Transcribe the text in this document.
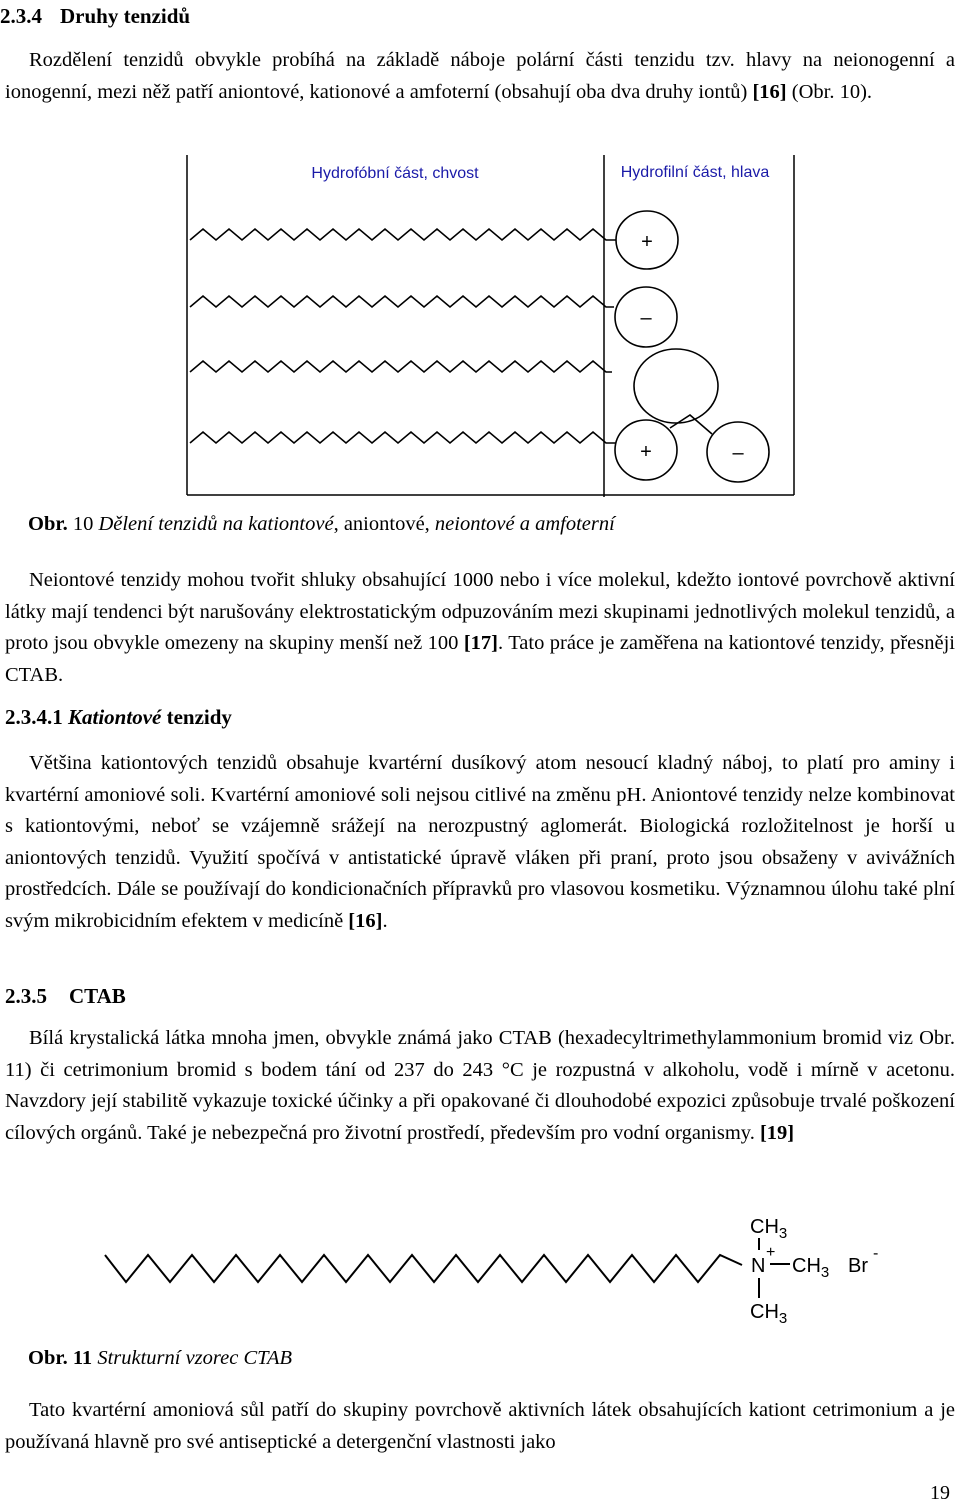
2.3.4 Druhy tenzidů
Rozdělení tenzidů obvykle probíhá na základě náboje polární části tenzidu tzv. hlavy na neionogenní a ionogenní, mezi něž patří aniontové, kationové a amfoterní (obsahují oba dva druhy iontů) [16] (Obr. 10).
Hydrofóbní část, chvost	Hydrofilní část, hlava
+
–
+	–
Obr. 10 Dělení tenzidů na kationtové, aniontové, neiontové a amfoterní
Neiontové tenzidy mohou tvořit shluky obsahující 1000 nebo i více molekul, kdežto iontové povrchově aktivní látky mají tendenci být narušovány elektrostatickým odpuzováním mezi skupinami jednotlivých molekul tenzidů, a proto jsou obvykle omezeny na skupiny menší než 100 [17]. Tato práce je zaměřena na kationtové tenzidy, přesněji CTAB.
2.3.4.1 Kationtové tenzidy
Většina kationtových tenzidů obsahuje kvartérní dusíkový atom nesoucí kladný náboj, to platí pro aminy i kvartérní amoniové soli. Kvartérní amoniové soli nejsou citlivé na změnu pH. Aniontové tenzidy nelze kombinovat s kationtovými, neboť se vzájemně srážejí na nerozpustný aglomerát. Biologická rozložitelnost je horší u aniontových tenzidů. Využití spočívá v antistatické úpravě vláken při praní, proto jsou obsaženy v avivážních prostředcích. Dále se používají do kondicionačních přípravků pro vlasovou kosmetiku. Významnou úlohu také plní svým mikrobicidním efektem v medicíně [16].
2.3.5 CTAB
Bílá krystalická látka mnoha jmen, obvykle známá jako CTAB (hexadecyltrimethylammonium bromid viz Obr. 11) či cetrimonium bromid s bodem tání od 237 do 243 °C je rozpustná v alkoholu, vodě i mírně v acetonu. Navzdory její stabilitě vykazuje toxické účinky a při opakované či dlouhodobé expozici způsobuje trvalé poškození cílových orgánů. Také je nebezpečná pro životní prostředí, především pro vodní organismy. [19]
$CH_3$
N
+
$CH_3$ Br
-
$CH_3$
Obr. 11 Strukturní vzorec CTAB
Tato kvartérní amoniová sůl patří do skupiny povrchově aktivních látek obsahujících kationt cetrimonium a je používaná hlavně pro své antiseptické a detergenční vlastnosti jako
19
